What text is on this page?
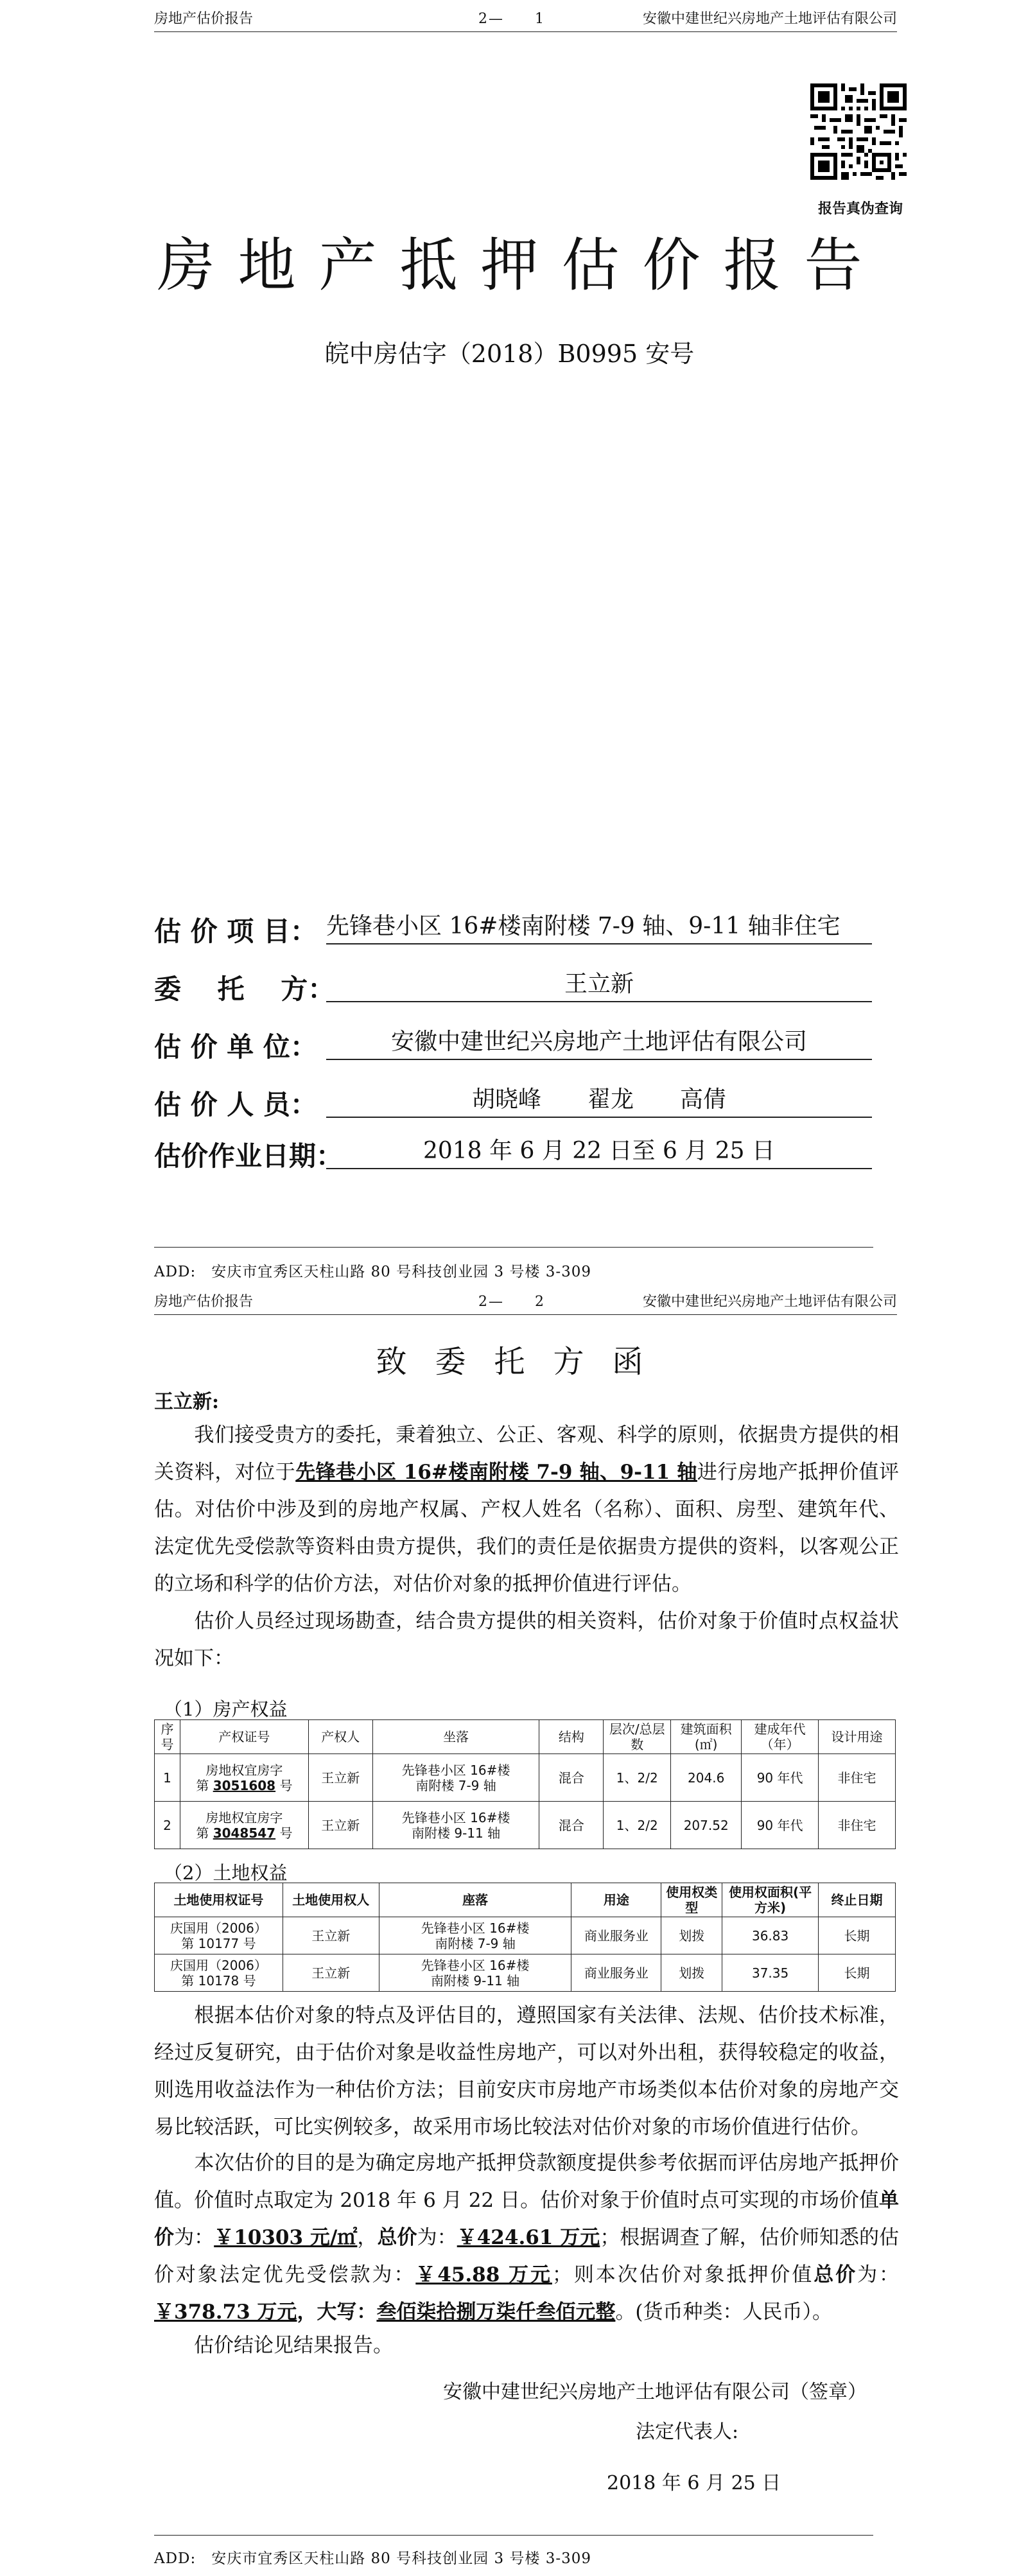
房地产估价报告	2—　　1	安徽中建世纪兴房地产土地评估有限公司
报告真伪查询
房地产抵押估价报告
皖中房估字（2018）B0995 安号
估 价 项 目： 先锋巷小区 16#楼南附楼 7-9 轴、9-11 轴非住宅
委　 托　 方：	王立新
估 价 单 位：	安徽中建世纪兴房地产土地评估有限公司
估 价 人 员：	胡晓峰　　翟龙　　高倩
估价作业日期：	2018 年 6 月 22 日至 6 月 25 日
ADD:　安庆市宜秀区天柱山路 80 号科技创业园 3 号楼 3-309
房地产估价报告	2—　　2	安徽中建世纪兴房地产土地评估有限公司
致委托方函
王立新:
我们接受贵方的委托，秉着独立、公正、客观、科学的原则，依据贵方提供的相关资料，对位于先锋巷小区 16#楼南附楼 7-9 轴、9-11 轴进行房地产抵押价值评估。对估价中涉及到的房地产权属、产权人姓名（名称）、面积、房型、建筑年代、法定优先受偿款等资料由贵方提供，我们的责任是依据贵方提供的资料，以客观公正的立场和科学的估价方法，对估价对象的抵押价值进行评估。
估价人员经过现场勘查，结合贵方提供的相关资料，估价对象于价值时点权益状况如下：
（1）房产权益
序号	产权证号	产权人	坐落	结构	层次/总层数	建筑面积(㎡)	建成年代（年）	设计用途
1	房地权宜房字
第 3051608 号	王立新	先锋巷小区 16#楼
南附楼 7-9 轴	混合	1、2/2	204.6	90 年代	非住宅
2	房地权宜房字
第 3048547 号	王立新	先锋巷小区 16#楼
南附楼 9-11 轴	混合	1、2/2	207.52	90 年代	非住宅
（2）土地权益
土地使用权证号	土地使用权人	座落	用途	使用权类型	使用权面积(平方米)	终止日期
庆国用（2006）
第 10177 号	王立新	先锋巷小区 16#楼
南附楼 7-9 轴	商业服务业	划拨	36.83	长期
庆国用（2006）
第 10178 号	王立新	先锋巷小区 16#楼
南附楼 9-11 轴	商业服务业	划拨	37.35	长期
根据本估价对象的特点及评估目的，遵照国家有关法律、法规、估价技术标准，经过反复研究，由于估价对象是收益性房地产，可以对外出租，获得较稳定的收益，则选用收益法作为一种估价方法；目前安庆市房地产市场类似本估价对象的房地产交易比较活跃，可比实例较多，故采用市场比较法对估价对象的市场价值进行估价。
本次估价的目的是为确定房地产抵押贷款额度提供参考依据而评估房地产抵押价值。价值时点取定为 2018 年 6 月 22 日。估价对象于价值时点可实现的市场价值单价为：￥10303 元/㎡，总价为：￥424.61 万元；根据调查了解，估价师知悉的估价对象法定优先受偿款为：￥45.88 万元；则本次估价对象抵押价值总价为：￥378.73 万元，大写：叁佰柒拾捌万柒仟叁佰元整。(货币种类：人民币）。
估价结论见结果报告。
安徽中建世纪兴房地产土地评估有限公司（签章）
法定代表人:
2018 年 6 月 25 日
ADD:　安庆市宜秀区天柱山路 80 号科技创业园 3 号楼 3-309
